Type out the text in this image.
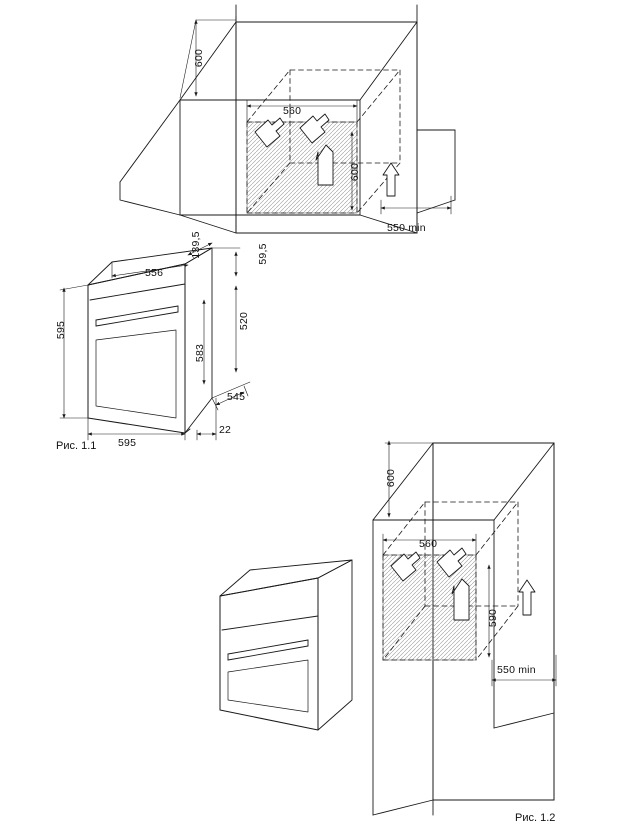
600
560
600
550 min
595
595
556
139,5	59,5
520
583
545
22
Рис. 1.1
600
560
590
550 min
Рис. 1.2
